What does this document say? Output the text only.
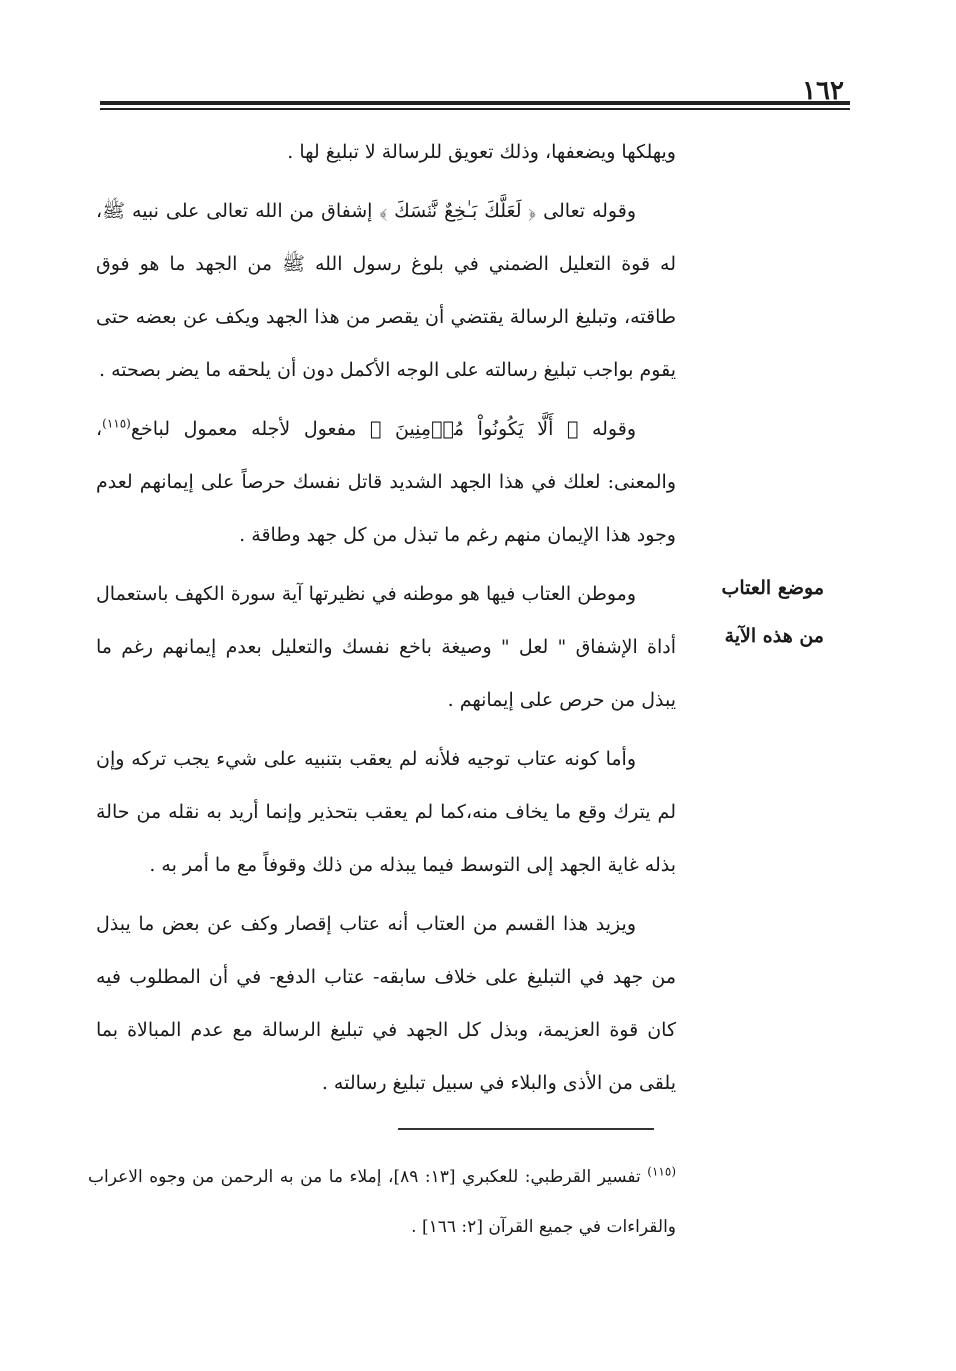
١٦٢

ويهلكها ويضعفها، وذلك تعويق للرسالة لا تبليغ لها .

وقوله تعالى ﴿ لَعَلَّكَ بَـٰخِعٌ نَّفۡسَكَ ﴾ إشفاق من الله تعالى على نبيه ﷺ، له قوة التعليل الضمني في بلوغ رسول الله ﷺ من الجهد ما هو فوق طاقته، وتبليغ الرسالة يقتضي أن يقصر من هذا الجهد ويكف عن بعضه حتى يقوم بواجب تبليغ رسالته على الوجه الأكمل دون أن يلحقه ما يضر بصحته .

وقوله ﴿ أَلَّا يَكُونُواْ مُؤۡمِنِينَ ﴾ مفعول لأجله معمول لباخع$^{(١١٥)}$، والمعنى: لعلك في هذا الجهد الشديد قاتل نفسك حرصاً على إيمانهم لعدم وجود هذا الإيمان منهم رغم ما تبذل من كل جهد وطاقة .

وموطن العتاب فيها هو موطنه في نظيرتها آية سورة الكهف باستعمال أداة الإشفاق " لعل " وصيغة باخع نفسك والتعليل بعدم إيمانهم رغم ما يبذل من حرص على إيمانهم .

وأما كونه عتاب توجيه فلأنه لم يعقب بتنبيه على شيء يجب تركه وإن لم يترك وقع ما يخاف منه،كما لم يعقب بتحذير وإنما أريد به نقله من حالة بذله غاية الجهد إلى التوسط فيما يبذله من ذلك وقوفاً مع ما أمر به .

ويزيد هذا القسم من العتاب أنه عتاب إقصار وكف عن بعض ما يبذل من جهد في التبليغ على خلاف سابقه- عتاب الدفع- في أن المطلوب فيه كان قوة العزيمة، وبذل كل الجهد في تبليغ الرسالة مع عدم المبالاة بما يلقى من الأذى والبلاء في سبيل تبليغ رسالته .

موضع العتاب
من هذه الآية

$^{(١١٥)}$ تفسير القرطبي: للعكبري [١٣: ٨٩]، إملاء ما من به الرحمن من وجوه الاعراب والقراءات في جميع القرآن [٢: ١٦٦] .
